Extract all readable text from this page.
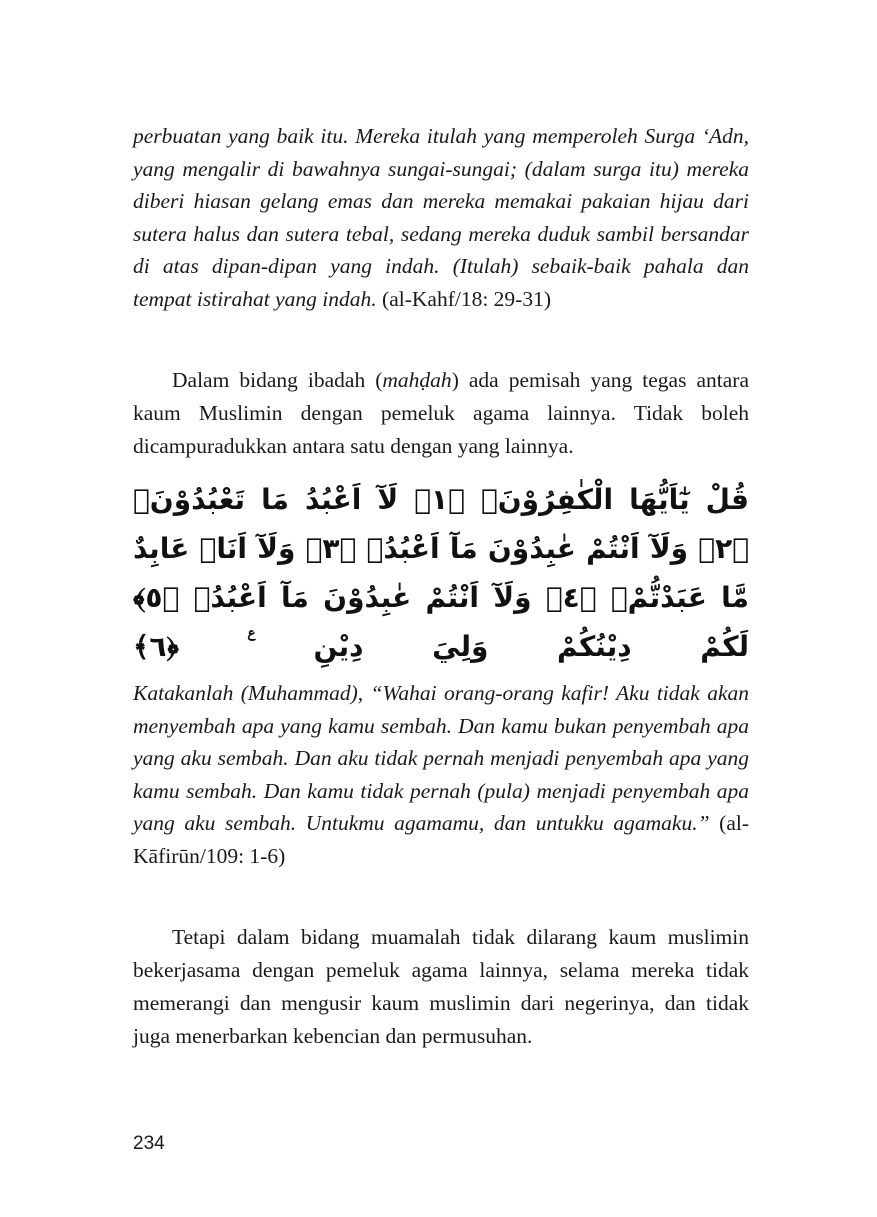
perbuatan yang baik itu. Mereka itulah yang memperoleh Surga ‘Adn, yang mengalir di bawahnya sungai-sungai; (dalam surga itu) mereka diberi hiasan gelang emas dan mereka memakai pakaian hijau dari sutera halus dan sutera tebal, sedang mereka duduk sambil bersandar di atas dipan-dipan yang indah. (Itulah) sebaik-baik pahala dan tempat istirahat yang indah. (al-Kahf/18: 29-31)

Dalam bidang ibadah (mahḍah) ada pemisah yang tegas antara kaum Muslimin dengan pemeluk agama lainnya. Tidak boleh dicampuradukkan antara satu dengan yang lainnya.

قُلْ يٰٓاَيُّهَا الْكٰفِرُوْنَۙ ﴿١﴾ لَآ اَعْبُدُ مَا تَعْبُدُوْنَۙ ﴿٢﴾ وَلَآ اَنْتُمْ عٰبِدُوْنَ مَآ اَعْبُدُۚ ﴿٣﴾ وَلَآ اَنَا۠ عَابِدٌ مَّا عَبَدْتُّمْۙ ﴿٤﴾ وَلَآ اَنْتُمْ عٰبِدُوْنَ مَآ اَعْبُدُۗ ﴿٥﴾ لَكُمْ دِيْنُكُمْ وَلِيَ دِيْنِ ࣖ ﴿٦﴾

Katakanlah (Muhammad), “Wahai orang-orang kafir! Aku tidak akan menyembah apa yang kamu sembah. Dan kamu bukan penyembah apa yang aku sembah. Dan aku tidak pernah menjadi penyembah apa yang kamu sembah. Dan kamu tidak pernah (pula) menjadi penyembah apa yang aku sembah. Untukmu agamamu, dan untukku agamaku.” (al-Kāfirūn/109: 1-6)

Tetapi dalam bidang muamalah tidak dilarang kaum muslimin bekerjasama dengan pemeluk agama lainnya, selama mereka tidak memerangi dan mengusir kaum muslimin dari negerinya, dan tidak juga menerbarkan kebencian dan permusuhan.

234
